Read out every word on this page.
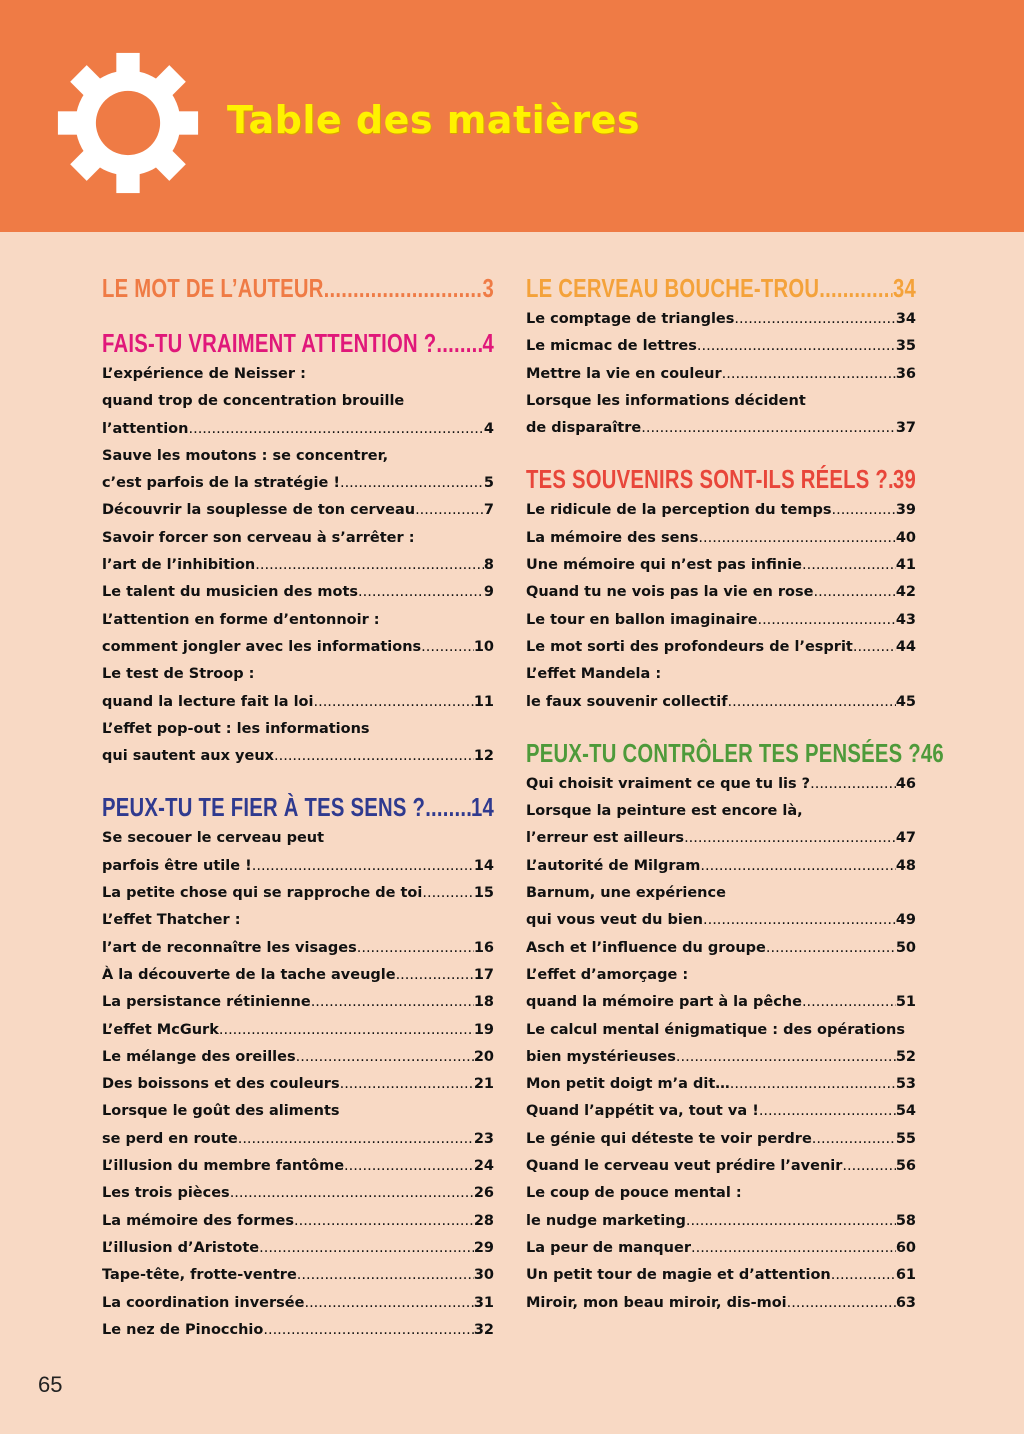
Table des matières
LE MOT DE L’AUTEUR .....	3
FAIS-TU VRAIMENT ATTENTION ? ..... 4
L’expérience de Neisser :
quand trop de concentration brouille
l’attention .....	4
Sauve les moutons : se concentrer,
c’est parfois de la stratégie ! .....	5
Découvrir la souplesse de ton cerveau .....	7
Savoir forcer son cerveau à s’arrêter :
l’art de l’inhibition .....	8
Le talent du musicien des mots .....	9
L’attention en forme d’entonnoir :
comment jongler avec les informations .....	10
Le test de Stroop :
quand la lecture fait la loi .....	11
L’effet pop-out : les informations
qui sautent aux yeux .....	12
PEUX-TU TE FIER À TES SENS ? ..... 14
Se secouer le cerveau peut
parfois être utile ! .....	14
La petite chose qui se rapproche de toi .....	15
L’effet Thatcher :
l’art de reconnaître les visages .....	16
À la découverte de la tache aveugle .....	17
La persistance rétinienne .....	18
L’effet McGurk .....	19
Le mélange des oreilles .....	20
Des boissons et des couleurs .....	21
Lorsque le goût des aliments
se perd en route .....	23
L’illusion du membre fantôme .....	24
Les trois pièces .....	26
La mémoire des formes .....	28
L’illusion d’Aristote .....	29
Tape-tête, frotte-ventre .....	30
La coordination inversée .....	31
Le nez de Pinocchio .....	32
LE CERVEAU BOUCHE-TROU .....	34
Le comptage de triangles .....	34
Le micmac de lettres .....	35
Mettre la vie en couleur .....	36
Lorsque les informations décident
de disparaître .....	37
TES SOUVENIRS SONT-ILS RÉELS ? ..... 39
Le ridicule de la perception du temps .....	39
La mémoire des sens .....	40
Une mémoire qui n’est pas infinie .....	41
Quand tu ne vois pas la vie en rose .....	42
Le tour en ballon imaginaire .....	43
Le mot sorti des profondeurs de l’esprit .....	44
L’effet Mandela :
le faux souvenir collectif .....	45
PEUX-TU CONTRÔLER TES PENSÉES ? 46
Qui choisit vraiment ce que tu lis ? .....	46
Lorsque la peinture est encore là,
l’erreur est ailleurs .....	47
L’autorité de Milgram .....	48
Barnum, une expérience
qui vous veut du bien .....	49
Asch et l’influence du groupe .....	50
L’effet d’amorçage :
quand la mémoire part à la pêche .....	51
Le calcul mental énigmatique : des opérations
bien mystérieuses .....	52
Mon petit doigt m’a dit… .....	53
Quand l’appétit va, tout va ! .....	54
Le génie qui déteste te voir perdre .....	55
Quand le cerveau veut prédire l’avenir .....	56
Le coup de pouce mental :
le nudge marketing .....	58
La peur de manquer .....	60
Un petit tour de magie et d’attention .....	61
Miroir, mon beau miroir, dis-moi .....	63
65
